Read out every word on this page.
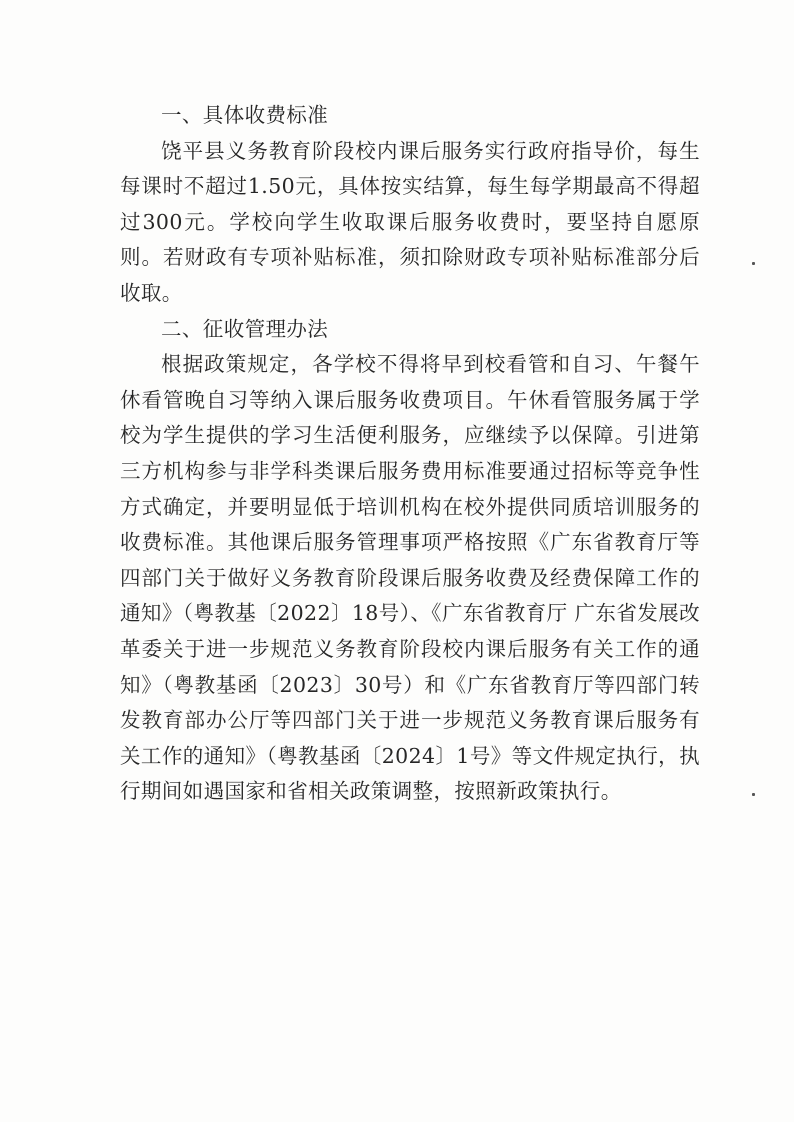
一、具体收费标准

饶平县义务教育阶段校内课后服务实行政府指导价，每生每课时不超过1.50元，具体按实结算，每生每学期最高不得超过300元。学校向学生收取课后服务收费时，要坚持自愿原则。若财政有专项补贴标准，须扣除财政专项补贴标准部分后收取。

二、征收管理办法

根据政策规定，各学校不得将早到校看管和自习、午餐午休看管晚自习等纳入课后服务收费项目。午休看管服务属于学校为学生提供的学习生活便利服务，应继续予以保障。引进第三方机构参与非学科类课后服务费用标准要通过招标等竞争性方式确定，并要明显低于培训机构在校外提供同质培训服务的收费标准。其他课后服务管理事项严格按照《广东省教育厅等四部门关于做好义务教育阶段课后服务收费及经费保障工作的通知》（粤教基〔2022〕18号）、《广东省教育厅 广东省发展改革委关于进一步规范义务教育阶段校内课后服务有关工作的通知》（粤教基函〔2023〕30号）和《广东省教育厅等四部门转发教育部办公厅等四部门关于进一步规范义务教育课后服务有关工作的通知》（粤教基函〔2024〕1号》等文件规定执行，执行期间如遇国家和省相关政策调整，按照新政策执行。
